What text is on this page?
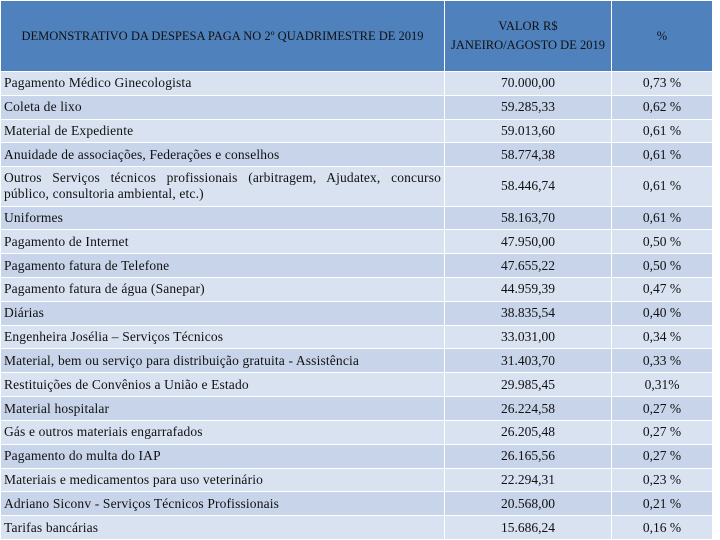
DEMONSTRATIVO DA DESPESA PAGA NO 2º QUADRIMESTRE DE 2019	VALOR R$ JANEIRO/AGOSTO DE 2019	%
Pagamento Médico Ginecologista	70.000,00	0,73 %
Coleta de lixo	59.285,33	0,62 %
Material de Expediente	59.013,60	0,61 %
Anuidade de associações, Federações e conselhos	58.774,38	0,61 %
Outros Serviços técnicos profissionais (arbitragem, Ajudatex, concurso público, consultoria ambiental, etc.)	58.446,74	0,61 %
Uniformes	58.163,70	0,61 %
Pagamento de Internet	47.950,00	0,50 %
Pagamento fatura de Telefone	47.655,22	0,50 %
Pagamento fatura de água (Sanepar)	44.959,39	0,47 %
Diárias	38.835,54	0,40 %
Engenheira Josélia – Serviços Técnicos	33.031,00	0,34 %
Material, bem ou serviço para distribuição gratuita - Assistência	31.403,70	0,33 %
Restituições de Convênios a União e Estado	29.985,45	0,31%
Material hospitalar	26.224,58	0,27 %
Gás e outros materiais engarrafados	26.205,48	0,27 %
Pagamento do multa do IAP	26.165,56	0,27 %
Materiais e medicamentos para uso veterinário	22.294,31	0,23 %
Adriano Siconv - Serviços Técnicos Profissionais	20.568,00	0,21 %
Tarifas bancárias	15.686,24	0,16 %
